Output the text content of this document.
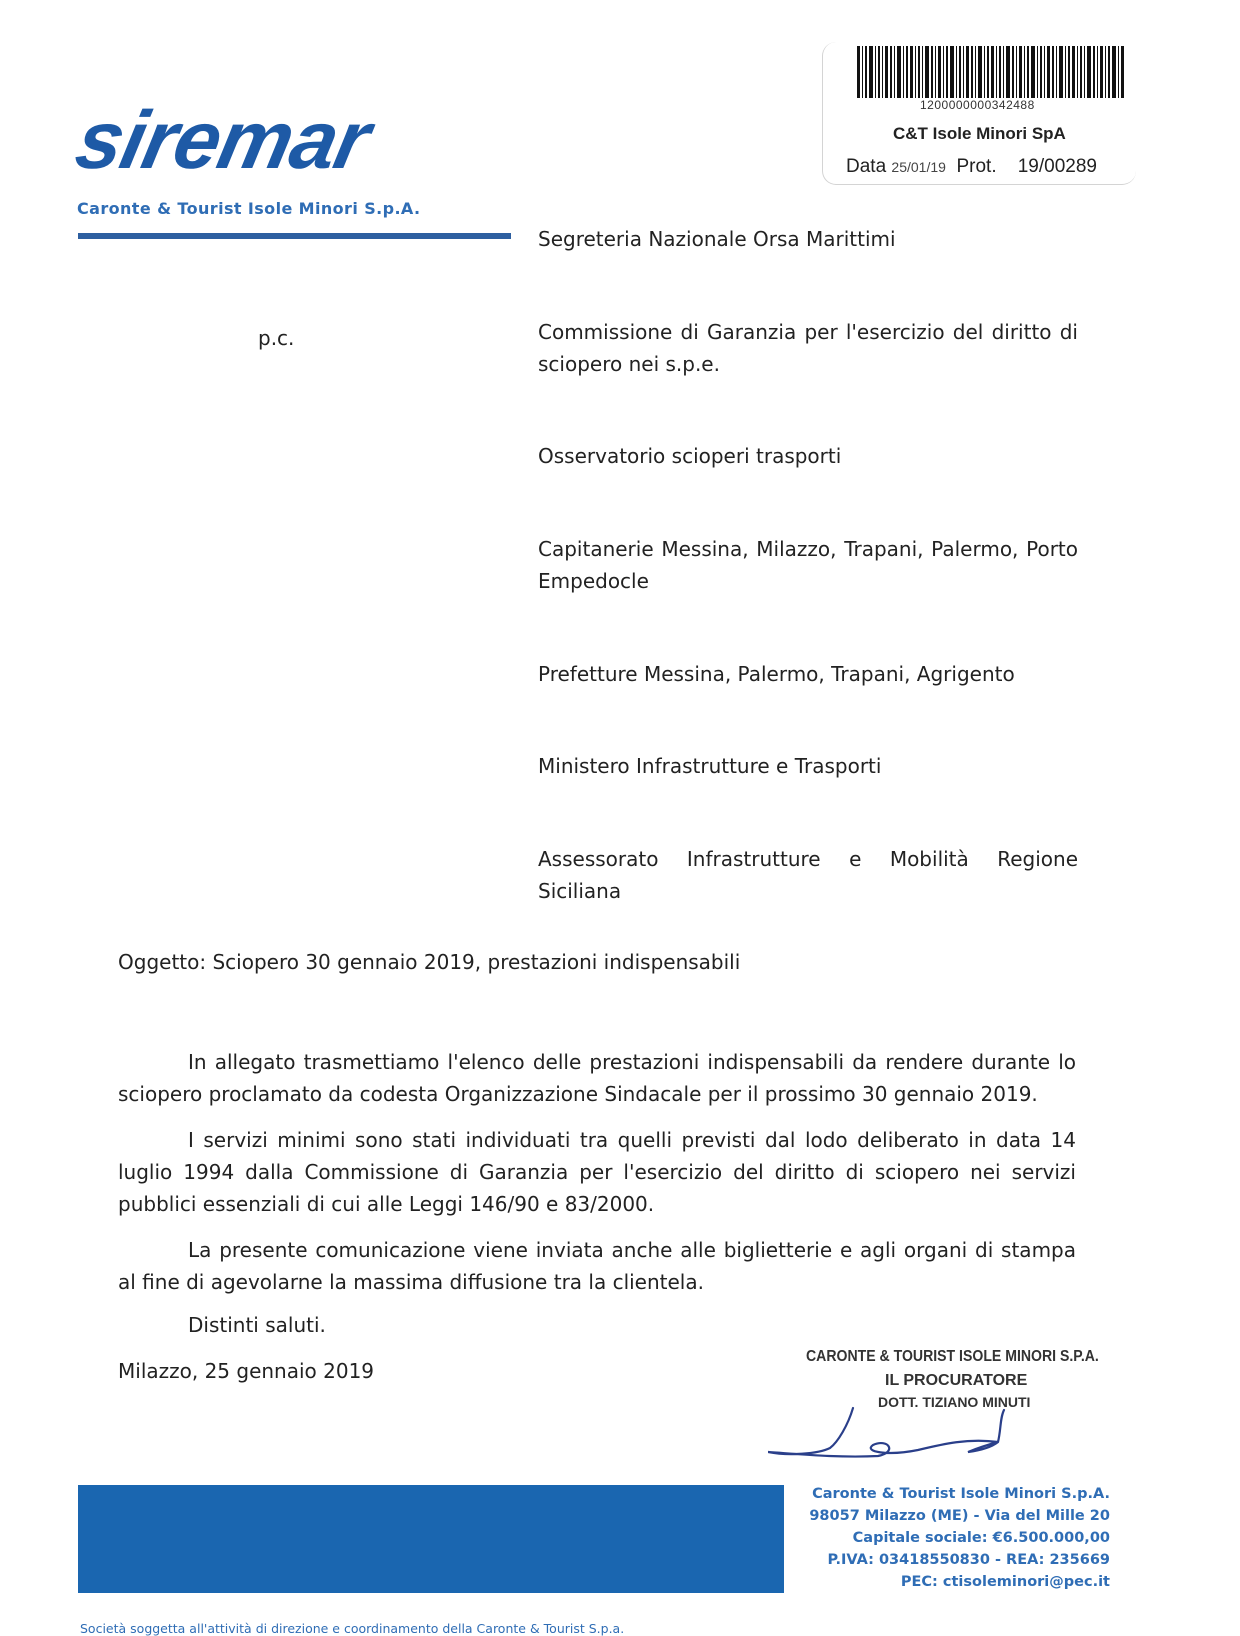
siremar
Caronte & Tourist Isole Minori S.p.A.
1200000000342488
C&T Isole Minori SpA
Data 25/01/19 Prot. 19/00289
Segreteria Nazionale Orsa Marittimi
p.c.	Commissione di Garanzia per l'esercizio del diritto di sciopero nei s.p.e.
Osservatorio scioperi trasporti
Capitanerie Messina, Milazzo, Trapani, Palermo, Porto Empedocle
Prefetture Messina, Palermo, Trapani, Agrigento
Ministero Infrastrutture e Trasporti
Assessorato Infrastrutture e Mobilità Regione Siciliana
Oggetto: Sciopero 30 gennaio 2019, prestazioni indispensabili
In allegato trasmettiamo l'elenco delle prestazioni indispensabili da rendere durante lo sciopero proclamato da codesta Organizzazione Sindacale per il prossimo 30 gennaio 2019.
I servizi minimi sono stati individuati tra quelli previsti dal lodo deliberato in data 14 luglio 1994 dalla Commissione di Garanzia per l'esercizio del diritto di sciopero nei servizi pubblici essenziali di cui alle Leggi 146/90 e 83/2000.
La presente comunicazione viene inviata anche alle biglietterie e agli organi di stampa al fine di agevolarne la massima diffusione tra la clientela.
Distinti saluti.
Milazzo, 25 gennaio 2019
CARONTE & TOURIST ISOLE MINORI S.P.A.
IL PROCURATORE
DOTT. TIZIANO MINUTI
Caronte & Tourist Isole Minori S.p.A.
98057 Milazzo (ME) - Via del Mille 20
Capitale sociale: €6.500.000,00
P.IVA: 03418550830 - REA: 235669
PEC: ctisoleminori@pec.it
Società soggetta all'attività di direzione e coordinamento della Caronte & Tourist S.p.a.
